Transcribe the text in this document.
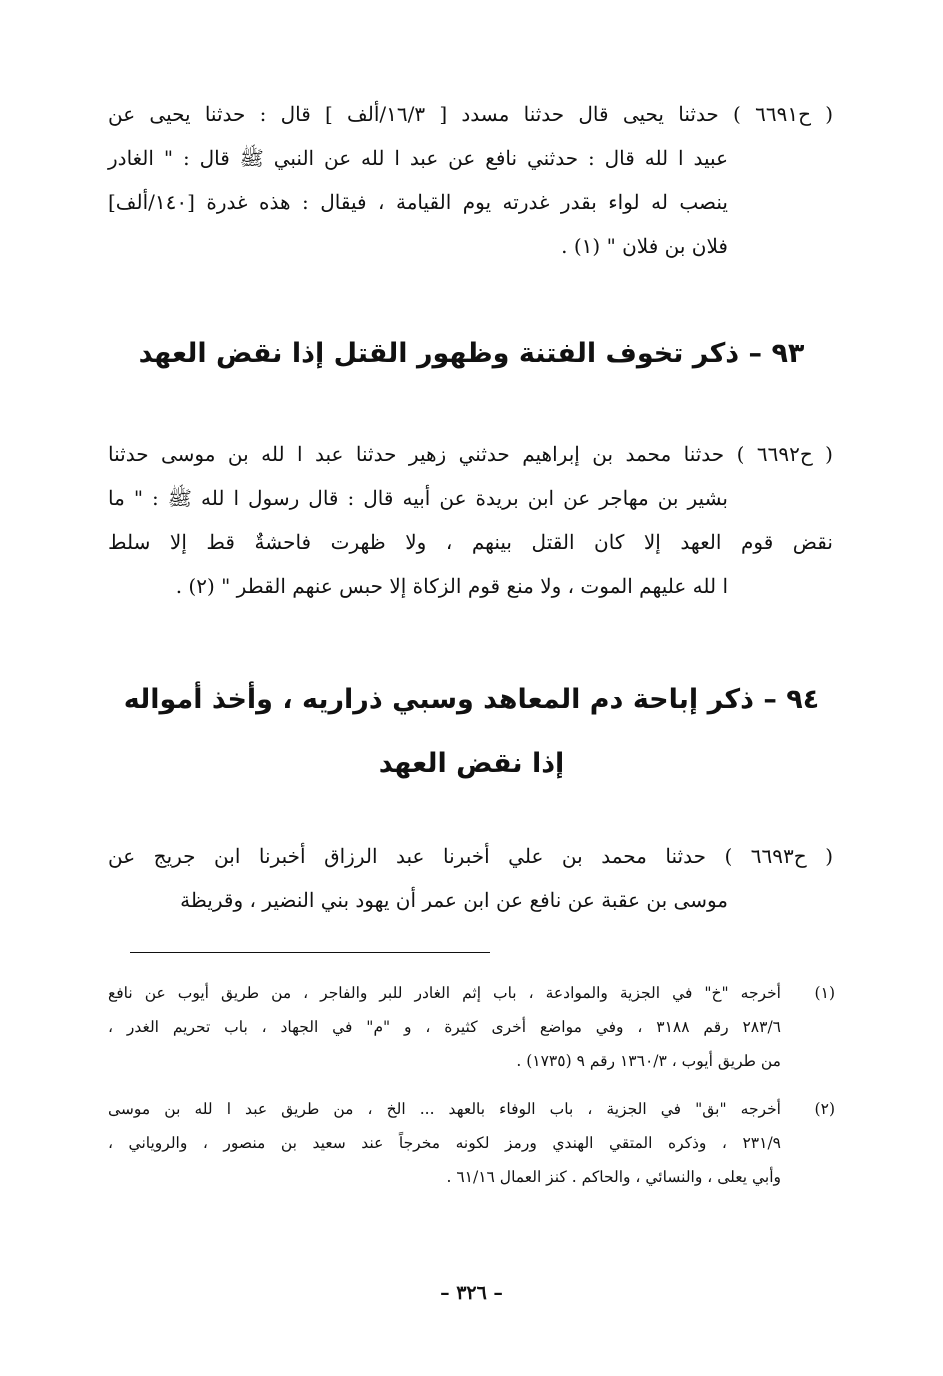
( ح٦٦٩١ ) حدثنا يحيى قال حدثنا مسدد [ ١٦/٣/ألف ] قال : حدثنا يحيى عن
عبيد ا لله قال : حدثني نافع عن عبد ا لله عن النبي ﷺ قال : " الغادر
ينصب له لواء بقدر غدرته يوم القيامة ، فيقال : هذه غدرة [١٤٠/ألف]
فلان بن فلان " (١) .
٩٣ – ذكر تخوف الفتنة وظهور القتل إذا نقض العهد
( ح٦٦٩٢ ) حدثنا محمد بن إبراهيم حدثني زهير حدثنا عبد ا لله بن موسى حدثنا
بشير بن مهاجر عن ابن بريدة عن أبيه قال : قال رسول ا لله ﷺ : " ما
نقض قوم العهد إلا كان القتل بينهم ، ولا ظهرت فاحشةٌ قط إلا سلط
ا لله عليهم الموت ، ولا منع قوم الزكاة إلا حبس عنهم القطر " (٢) .
٩٤ – ذكر إباحة دم المعاهد وسبي ذراريه ، وأخذ أمواله
إذا نقض العهد
( ح٦٦٩٣ ) حدثنا محمد بن علي أخبرنا عبد الرزاق أخبرنا ابن جريج عن
موسى بن عقبة عن نافع عن ابن عمر أن يهود بني النضير ، وقريظة
(١)
أخرجه "خ" في الجزية والموادعة ، باب إثم الغادر للبر والفاجر ، من طريق أيوب عن نافع
٢٨٣/٦ رقم ٣١٨٨ ، وفي مواضع أخرى كثيرة ، و "م" في الجهاد ، باب تحريم الغدر ،
من طريق أيوب ، ١٣٦٠/٣ رقم ٩ (١٧٣٥) .
(٢)
أخرجه "بق" في الجزية ، باب الوفاء بالعهد ... الخ ، من طريق عبد ا لله بن موسى
٢٣١/٩ ، وذكره المتقي الهندي ورمز لكونه مخرجاً عند سعيد بن منصور ، والروياني ،
وأبي يعلى ، والنسائي ، والحاكم . كنز العمال ٦١/١٦ .
– ٣٢٦ –
